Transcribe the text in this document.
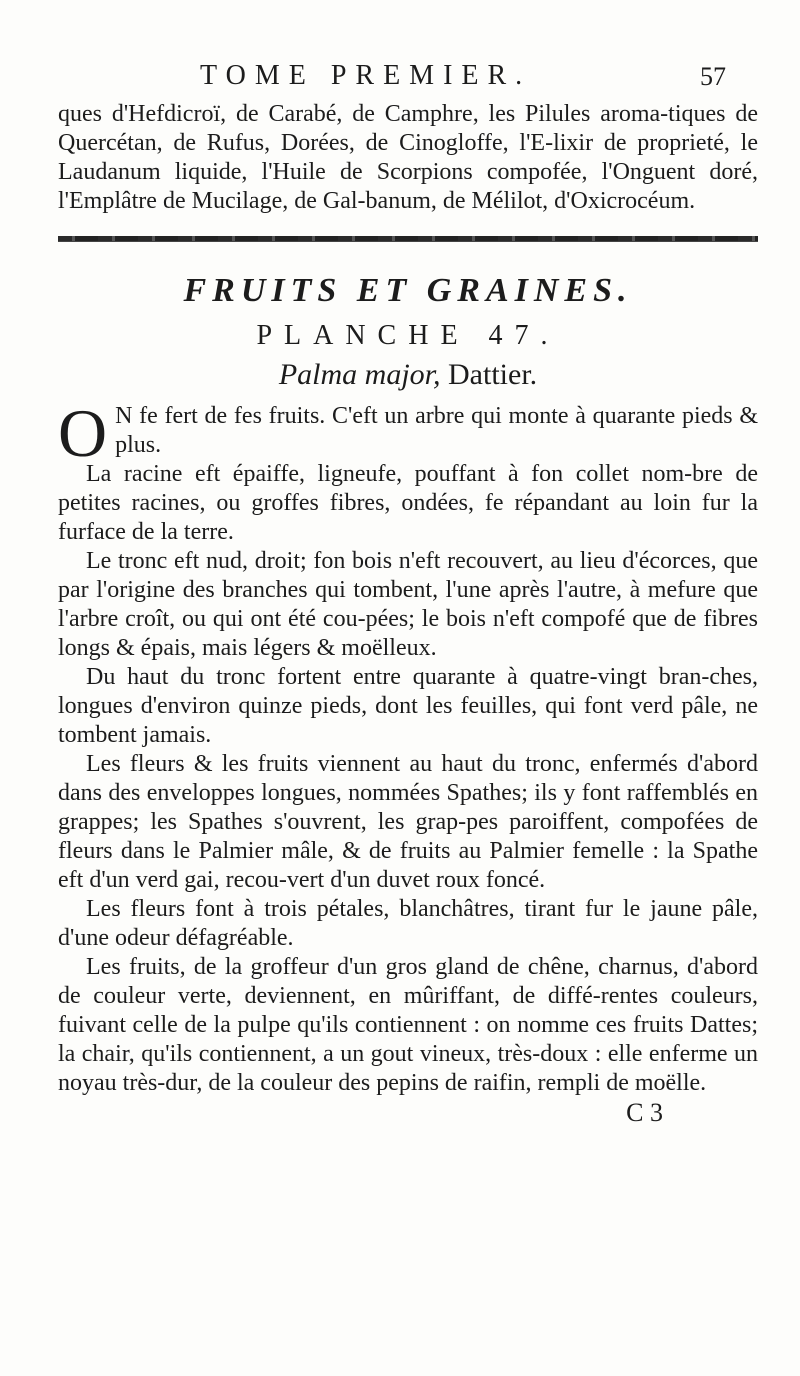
TOME PREMIER.	57

ques d'Hefdicroï, de Carabé, de Camphre, les Pilules aroma-tiques de Quercétan, de Rufus, Dorées, de Cinogloffe, l'E-lixir de proprieté, le Laudanum liquide, l'Huile de Scorpions compofée, l'Onguent doré, l'Emplâtre de Mucilage, de Gal-banum, de Mélilot, d'Oxicrocéum.

FRUITS ET GRAINES.
PLANCHE 47.
Palma major, Dattier.
O N fe fert de fes fruits. C'eft un arbre qui monte à quarante pieds & plus.

La racine eft épaiffe, ligneufe, pouffant à fon collet nom-bre de petites racines, ou groffes fibres, ondées, fe répandant au loin fur la furface de la terre.

Le tronc eft nud, droit; fon bois n'eft recouvert, au lieu d'écorces, que par l'origine des branches qui tombent, l'une après l'autre, à mefure que l'arbre croît, ou qui ont été cou-pées; le bois n'eft compofé que de fibres longs & épais, mais légers & moëlleux.

Du haut du tronc fortent entre quarante à quatre-vingt bran-ches, longues d'environ quinze pieds, dont les feuilles, qui font verd pâle, ne tombent jamais.

Les fleurs & les fruits viennent au haut du tronc, enfermés d'abord dans des enveloppes longues, nommées Spathes; ils y font raffemblés en grappes; les Spathes s'ouvrent, les grap-pes paroiffent, compofées de fleurs dans le Palmier mâle, & de fruits au Palmier femelle : la Spathe eft d'un verd gai, recou-vert d'un duvet roux foncé.

Les fleurs font à trois pétales, blanchâtres, tirant fur le jaune pâle, d'une odeur défagréable.

Les fruits, de la groffeur d'un gros gland de chêne, charnus, d'abord de couleur verte, deviennent, en mûriffant, de diffé-rentes couleurs, fuivant celle de la pulpe qu'ils contiennent : on nomme ces fruits Dattes; la chair, qu'ils contiennent, a un gout vineux, très-doux : elle enferme un noyau très-dur, de la couleur des pepins de raifin, rempli de moëlle.

C 3
